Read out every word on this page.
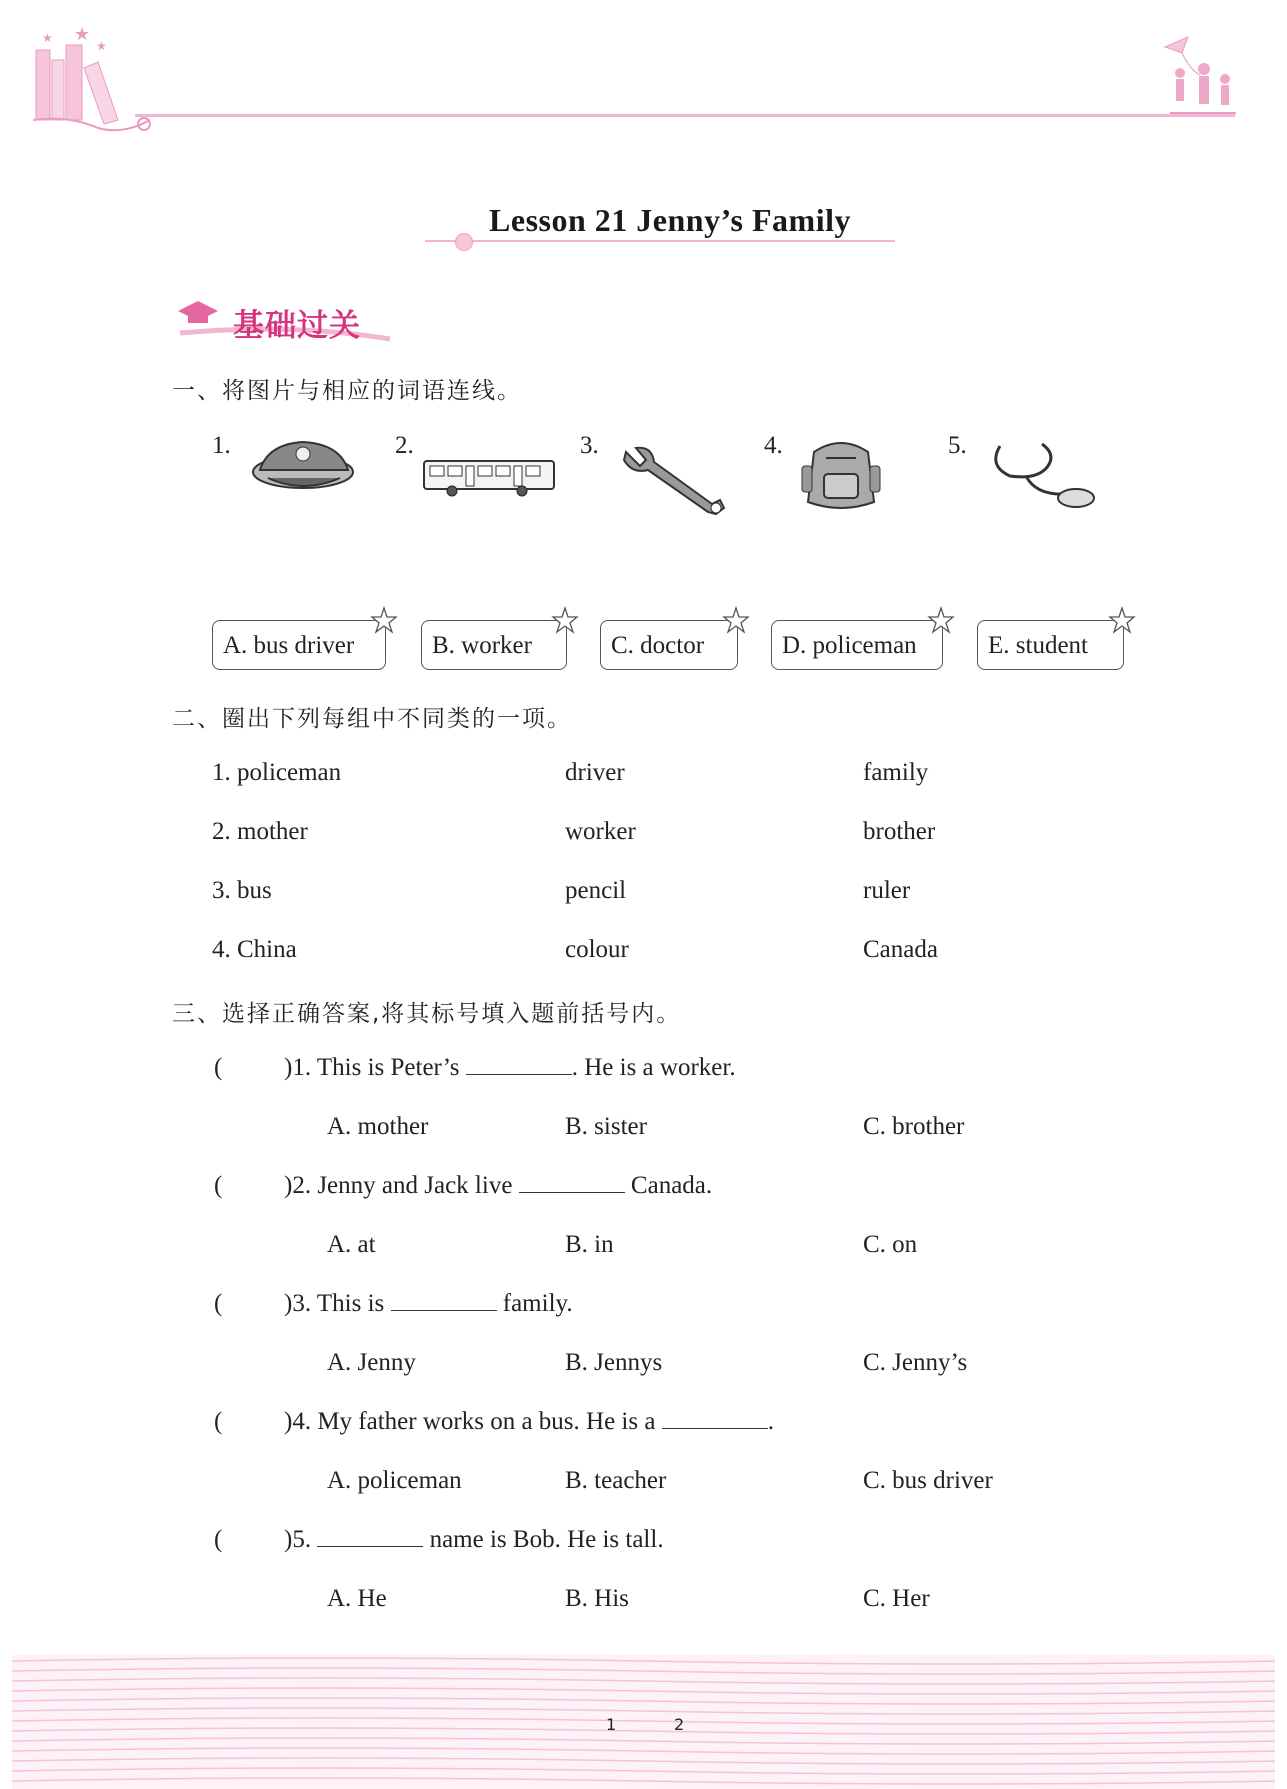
★
★
★
Lesson 21 Jenny’s Family
基础过关
一、将图片与相应的词语连线。
1.	2.	3.	4.	5.
A. bus driver	B. worker	C. doctor	D. policeman	E. student
二、圈出下列每组中不同类的一项。
1. policeman	driver	family
2. mother	worker	brother
3. bus	pencil	ruler
4. China	colour	Canada
三、选择正确答案,将其标号填入题前括号内。
( )1. This is Peter’s	. He is a worker.
A. mother	B. sister	C. brother
( )2. Jenny and Jack live	Canada.
A. at	B. in	C. on
( )3. This is	family.
A. Jenny	B. Jennys	C. Jenny’s
( )4. My father works on a bus. He is a	.
A. policeman	B. teacher	C. bus driver
( )5.	name is Bob. He is tall.
A. He	B. His	C. Her
1	2
